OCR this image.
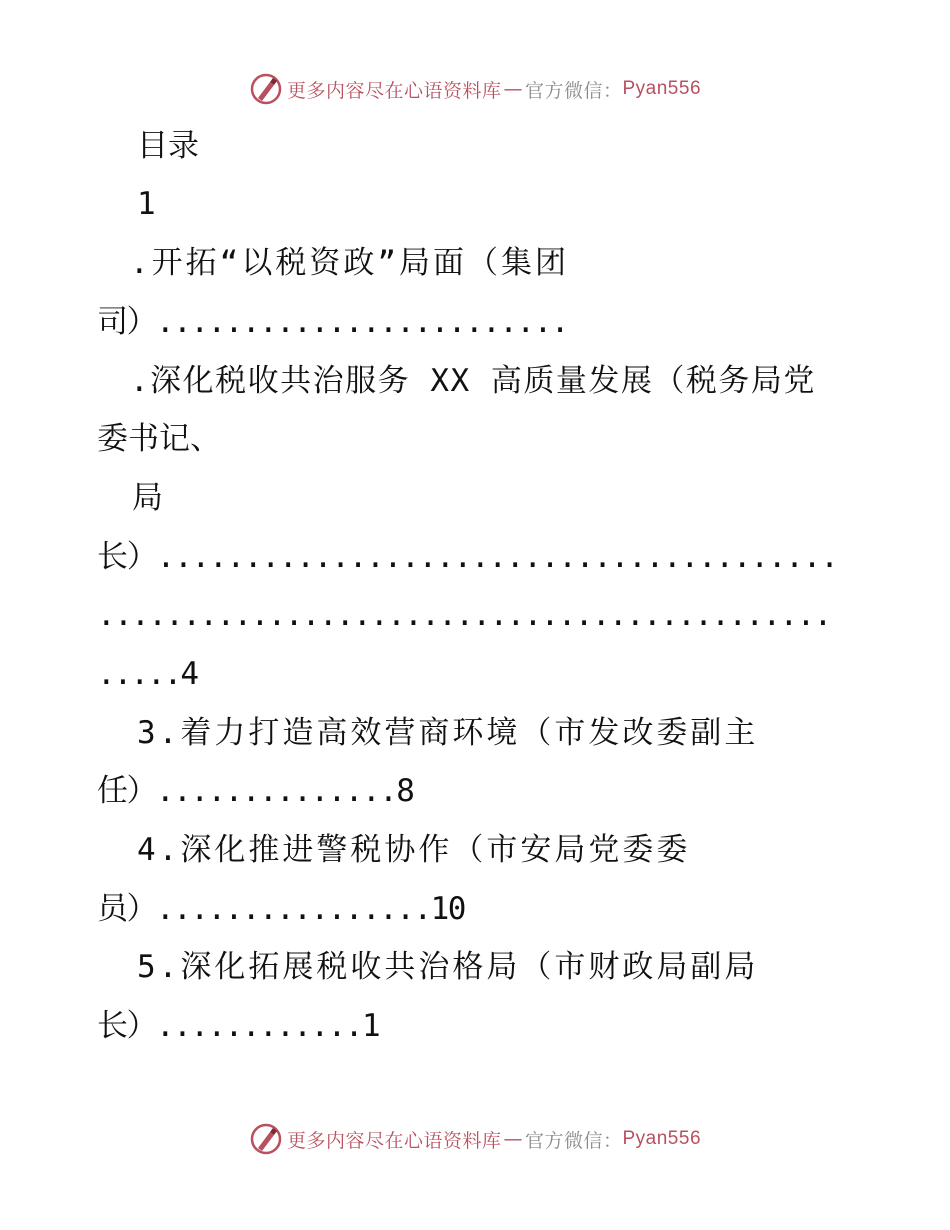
更多内容尽在心语资料库 — 官方微信： Pyan556
目录
1
.开拓“以税资政”局面（集团
司）........................
.深化税收共治服务 XX 高质量发展（税务局党
委书记、
局
长）.......................................
...........................................
.....4
3.着力打造高效营商环境（市发改委副主
任）..............8
4.深化推进警税协作（市安局党委委
员）................10
5.深化拓展税收共治格局（市财政局副局
长）............1
更多内容尽在心语资料库 — 官方微信： Pyan556
